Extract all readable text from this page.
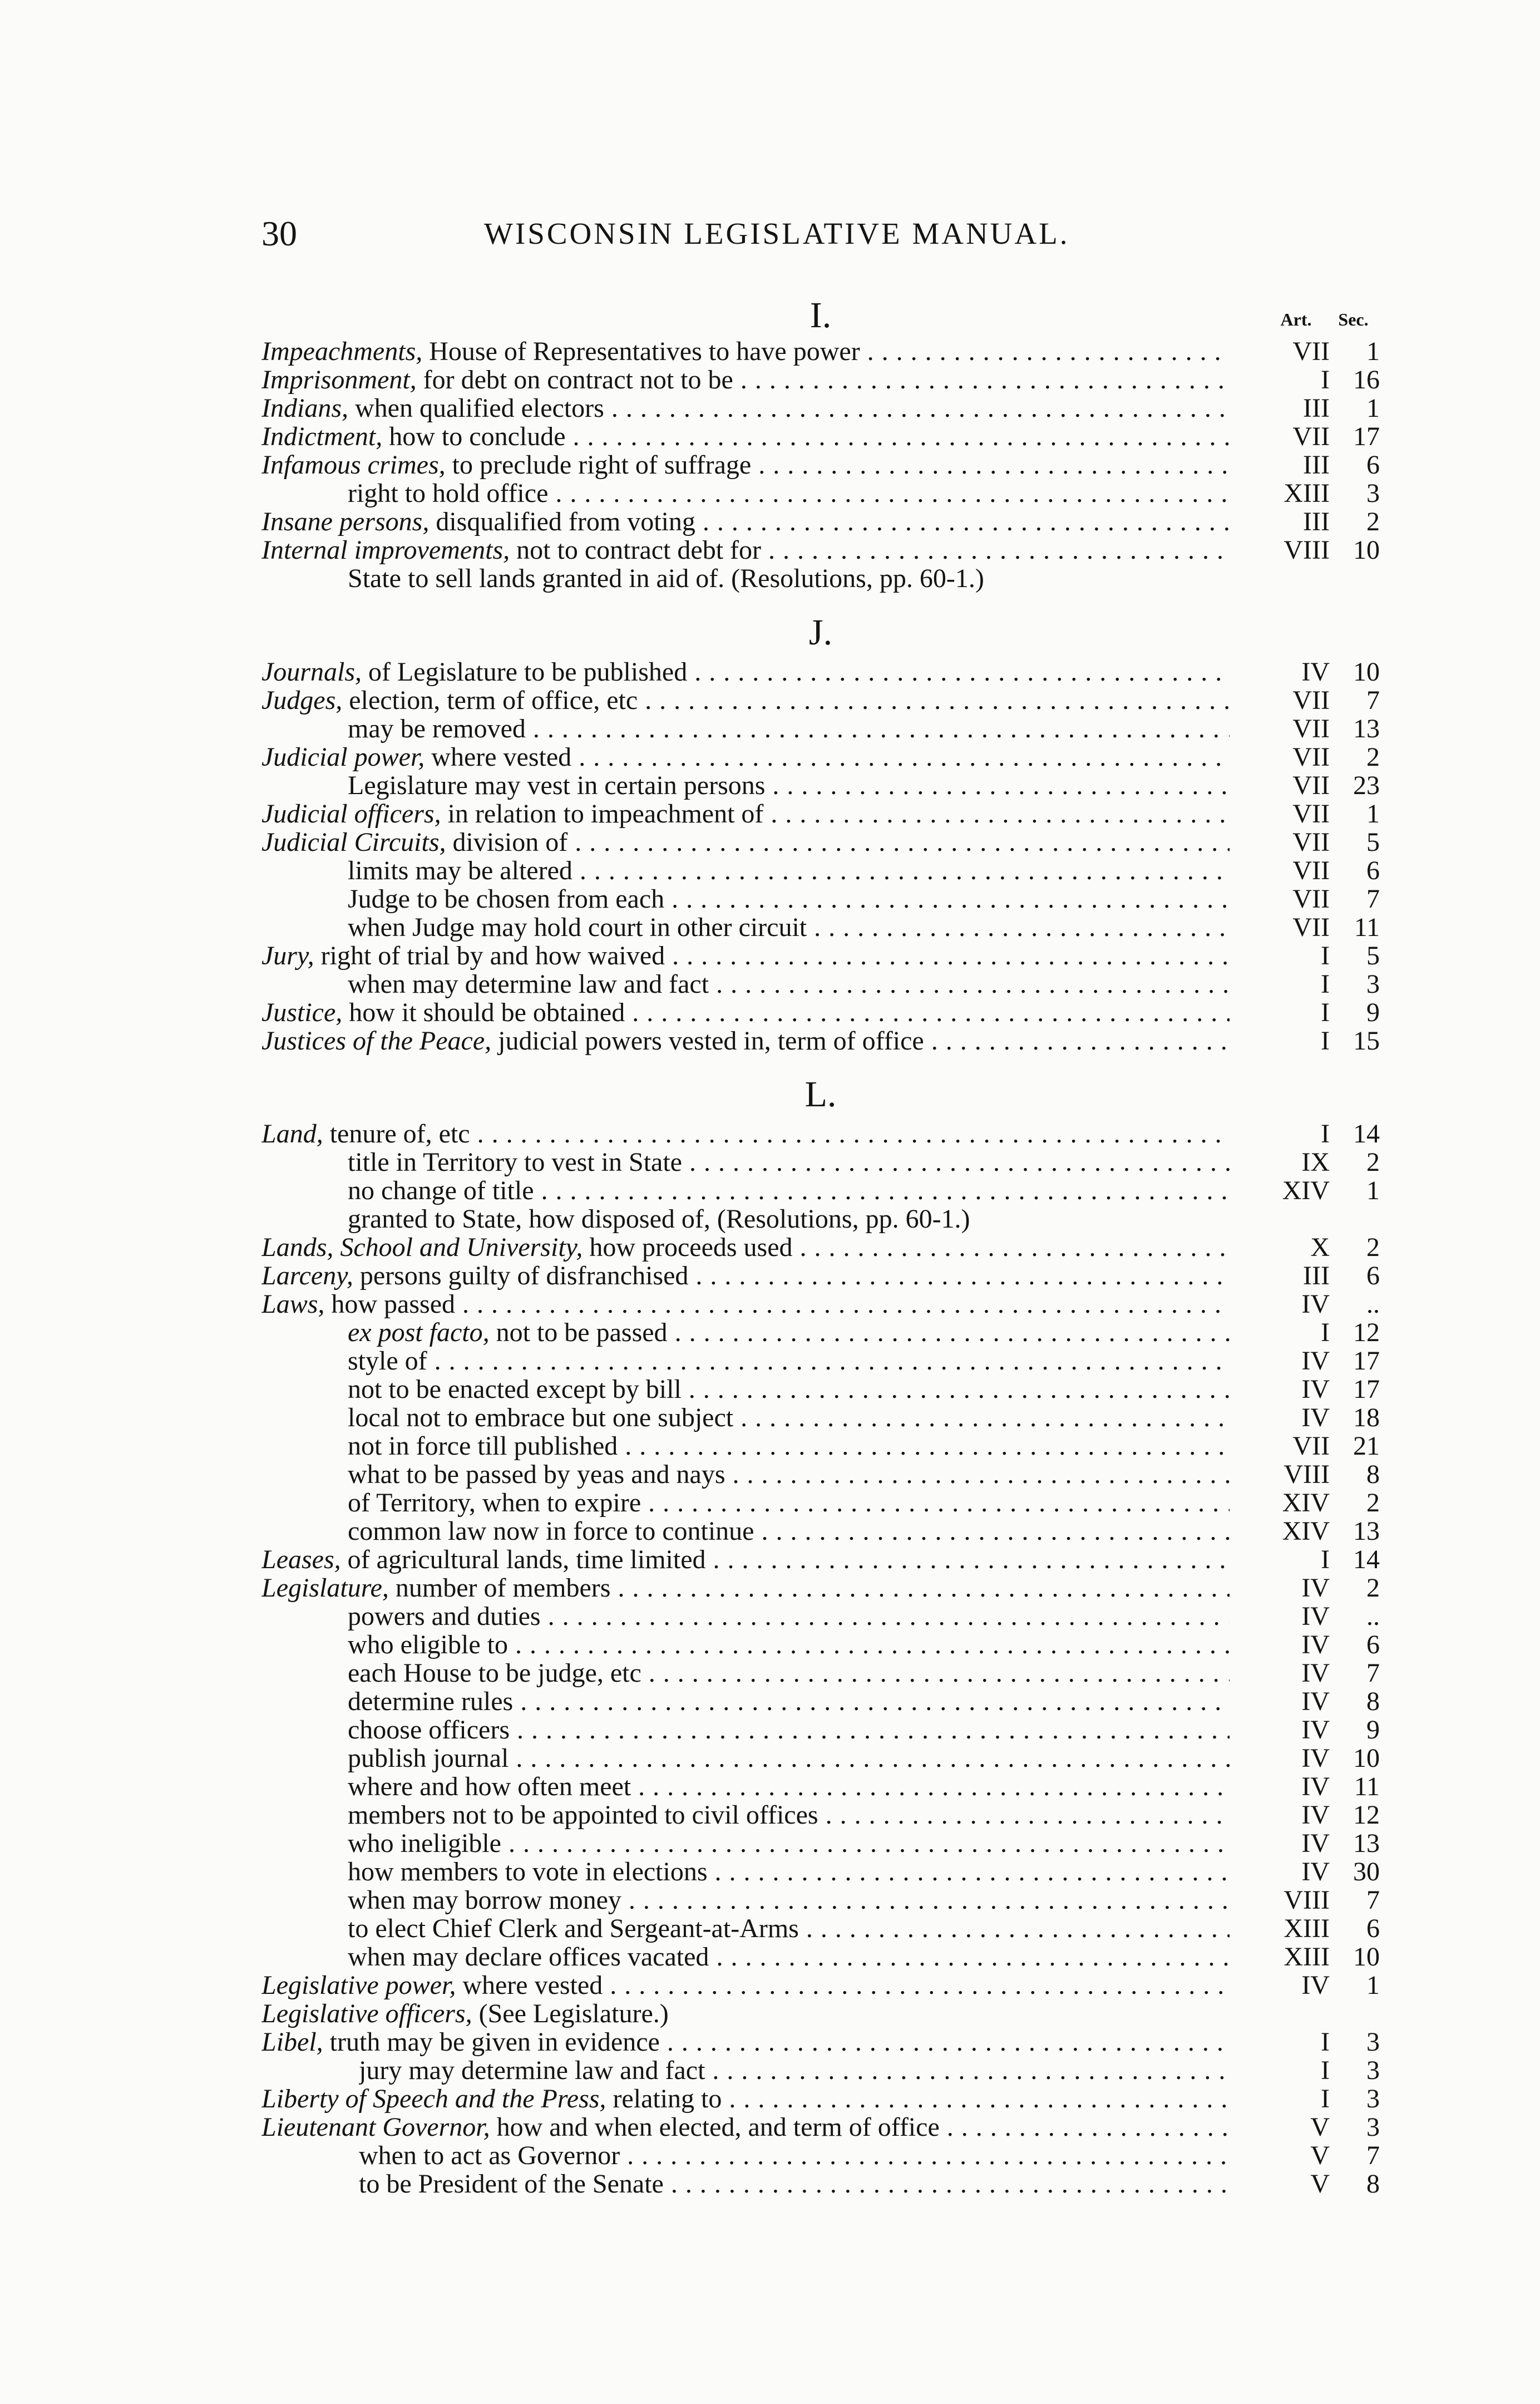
30	WISCONSIN LEGISLATIVE MANUAL.
I.	Art. Sec.
Impeachments, House of Representatives to have power . . .	VII	1
Imprisonment, for debt on contract not to be . . .	I 16
Indians, when qualified electors . . .	III	1
Indictment, how to conclude . . .	VII 17
Infamous crimes, to preclude right of suffrage . . .	III	6
right to hold office . . .	XIII	3
Insane persons, disqualified from voting . . .	III	2
Internal improvements, not to contract debt for . . .	VIII 10
State to sell lands granted in aid of. (Resolutions, pp. 60-1.)
J.
Journals, of Legislature to be published . . .	IV 10
Judges, election, term of office, etc . . .	VII	7
may be removed . . .	VII 13
Judicial power, where vested . . .	VII	2
Legislature may vest in certain persons . . .	VII 23
Judicial officers, in relation to impeachment of . . .	VII	1
Judicial Circuits, division of . . .	VII	5
limits may be altered . . .	VII	6
Judge to be chosen from each . . .	VII	7
when Judge may hold court in other circuit . . .	VII 11
Jury, right of trial by and how waived . . .	I	5
when may determine law and fact . . .	I	3
Justice, how it should be obtained . . .	I	9
Justices of the Peace, judicial powers vested in, term of office . . .	I 15
L.
Land, tenure of, etc . . .	I 14
title in Territory to vest in State . . .	IX	2
no change of title . . .	XIV	1
granted to State, how disposed of, (Resolutions, pp. 60-1.)
Lands, School and University, how proceeds used . . .	X	2
Larceny, persons guilty of disfranchised . . .	III	6
Laws, how passed . . .	IV	..
ex post facto, not to be passed . . .	I 12
style of . . .	IV 17
not to be enacted except by bill . . .	IV 17
local not to embrace but one subject . . .	IV 18
not in force till published . . .	VII 21
what to be passed by yeas and nays . . .	VIII	8
of Territory, when to expire . . .	XIV	2
common law now in force to continue . . .	XIV 13
Leases, of agricultural lands, time limited . . .	I 14
Legislature, number of members . . .	IV	2
powers and duties . . .	IV	..
who eligible to . . .	IV	6
each House to be judge, etc . . .	IV	7
determine rules . . .	IV	8
choose officers . . .	IV	9
publish journal . . .	IV 10
where and how often meet . . .	IV 11
members not to be appointed to civil offices . . .	IV 12
who ineligible . . .	IV 13
how members to vote in elections . . .	IV 30
when may borrow money . . .	VIII	7
to elect Chief Clerk and Sergeant-at-Arms . . .	XIII	6
when may declare offices vacated . . .	XIII 10
Legislative power, where vested . . .	IV	1
Legislative officers, (See Legislature.)
Libel, truth may be given in evidence . . .	I	3
jury may determine law and fact . . .	I	3
Liberty of Speech and the Press, relating to . . .	I	3
Lieutenant Governor, how and when elected, and term of office . . .	V	3
when to act as Governor . . .	V	7
to be President of the Senate . . .	V	8
